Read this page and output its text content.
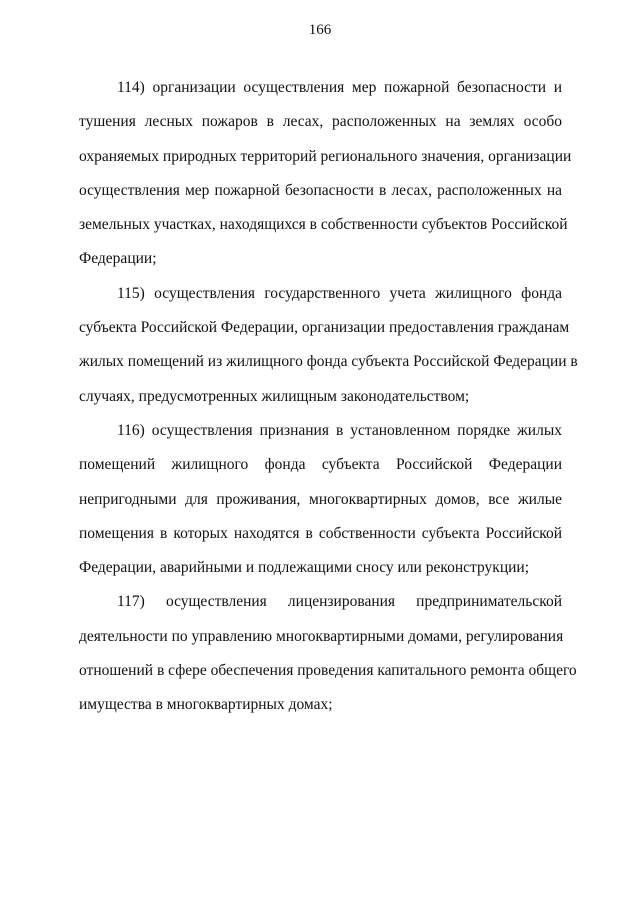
166

114) организации осуществления мер пожарной безопасности и
тушения лесных пожаров в лесах, расположенных на землях особо
охраняемых природных территорий регионального значения, организации
осуществления мер пожарной безопасности в лесах, расположенных на
земельных участках, находящихся в собственности субъектов Российской
Федерации;

115) осуществления государственного учета жилищного фонда
субъекта Российской Федерации, организации предоставления гражданам
жилых помещений из жилищного фонда субъекта Российской Федерации в
случаях, предусмотренных жилищным законодательством;

116) осуществления признания в установленном порядке жилых
помещений жилищного фонда субъекта Российской Федерации
непригодными для проживания, многоквартирных домов, все жилые
помещения в которых находятся в собственности субъекта Российской
Федерации, аварийными и подлежащими сносу или реконструкции;

117) осуществления лицензирования предпринимательской
деятельности по управлению многоквартирными домами, регулирования
отношений в сфере обеспечения проведения капитального ремонта общего
имущества в многоквартирных домах;
